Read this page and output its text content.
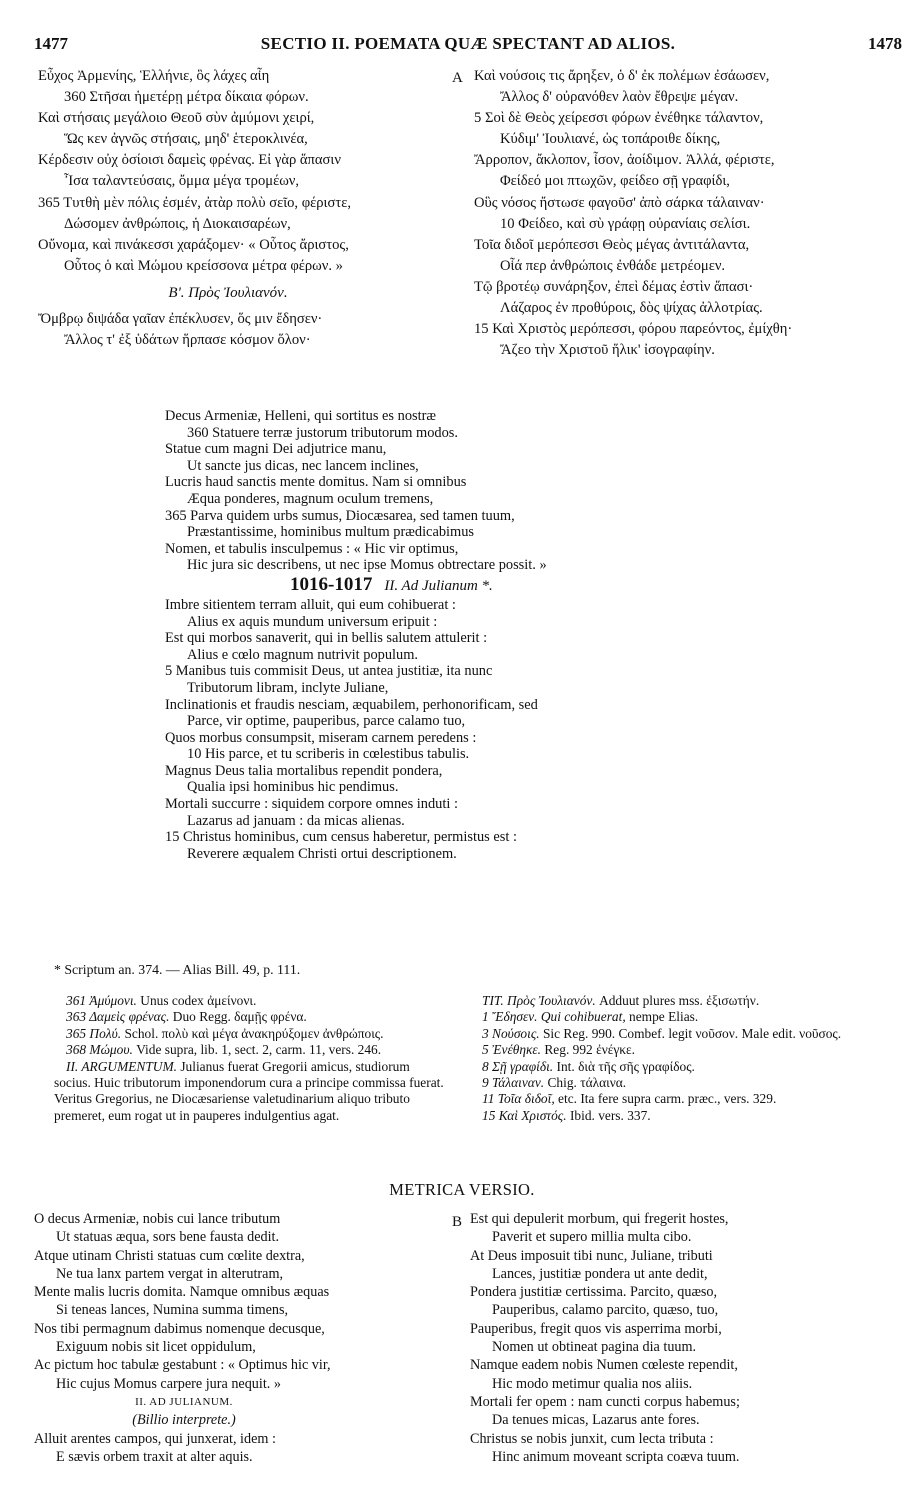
1477	SECTIO II. POEMATA QUÆ SPECTANT AD ALIOS.	1478
Εὖχος Ἀρμενίης, Ἑλλήνιε, ὃς λάχες αἶη
360 Στῆσαι ἡμετέρῃ μέτρα δίκαια φόρων.
Καὶ στήσαις μεγάλοιο Θεοῦ σὺν ἀμύμονι χειρί,
Ὥς κεν ἀγνῶς στήσαις, μηδ' ἑτεροκλινέα,
Κέρδεσιν οὐχ ὁσίοισι δαμεὶς φρένας. Εἰ γὰρ ἅπασιν
Ἶσα ταλαντεύσαις, ὄμμα μέγα τρομέων,
365 Τυτθὴ μὲν πόλις ἐσμέν, ἀτὰρ πολὺ σεῖο, φέριστε,
Δώσομεν ἀνθρώποις, ἡ Διοκαισαρέων,
Οὔνομα, καὶ πινάκεσσι χαράξομεν· « Οὗτος ἄριστος,
Οὗτος ὁ καὶ Μώμου κρείσσονα μέτρα φέρων. »
Β'. Πρὸς Ἰουλιανόν.
Ὄμβρῳ διψάδα γαῖαν ἐπέκλυσεν, ὅς μιν ἔδησεν·
Ἄλλος τ' ἐξ ὑδάτων ἥρπασε κόσμον ὅλον·
A Καὶ νούσοις τις ἄρηξεν, ὁ δ' ἐκ πολέμων ἐσάωσεν,
Ἄλλος δ' οὐρανόθεν λαὸν ἔθρεψε μέγαν.
5 Σοὶ δὲ Θεὸς χείρεσσι φόρων ἐνέθηκε τάλαντον,
Κύδιμ' Ἰουλιανέ, ὡς τοπάροιθε δίκης,
Ἄρροπον, ἄκλοπον, ἶσον, ἀοίδιμον. Ἀλλά, φέριστε,
Φείδεό μοι πτωχῶν, φείδεο σῇ γραφίδι,
Οὓς νόσος ἤστωσε φαγοῦσ' ἀπὸ σάρκα τάλαιναν·
10 Φείδεο, καὶ σὺ γράφῃ οὐρανίαις σελίσι.
Τοῖα διδοῖ μερόπεσσι Θεὸς μέγας ἀντιτάλαντα,
Οἷά περ ἀνθρώποις ἐνθάδε μετρέομεν.
Τῷ βροτέῳ συνάρηξον, ἐπεὶ δέμας ἐστὶν ἅπασι·
Λάζαρος ἐν προθύροις, δὸς ψίχας ἀλλοτρίας.
15 Καὶ Χριστὸς μερόπεσσι, φόρου παρεόντος, ἐμίχθη·
Ἄζεο τὴν Χριστοῦ ἥλικ' ἰσογραφίην.
Decus Armeniæ, Helleni, qui sortitus es nostræ
360 Statuere terræ justorum tributorum modos.
Statue cum magni Dei adjutrice manu,
Ut sancte jus dicas, nec lancem inclines,
Lucris haud sanctis mente domitus. Nam si omnibus
Æqua ponderes, magnum oculum tremens,
365 Parva quidem urbs sumus, Diocæsarea, sed tamen tuum,
Præstantissime, hominibus multum prædicabimus
Nomen, et tabulis insculpemus : « Hic vir optimus,
Hic jura sic describens, ut nec ipse Momus obtrectare possit. »
1016-1017 II. Ad Julianum *.
Imbre sitientem terram alluit, qui eum cohibuerat :
Alius ex aquis mundum universum eripuit :
Est qui morbos sanaverit, qui in bellis salutem attulerit :
Alius e cœlo magnum nutrivit populum.
5 Manibus tuis commisit Deus, ut antea justitiæ, ita nunc
Tributorum libram, inclyte Juliane,
Inclinationis et fraudis nesciam, æquabilem, perhonorificam, sed
Parce, vir optime, pauperibus, parce calamo tuo,
Quos morbus consumpsit, miseram carnem peredens :
10 His parce, et tu scriberis in cœlestibus tabulis.
Magnus Deus talia mortalibus rependit pondera,
Qualia ipsi hominibus hic pendimus.
Mortali succurre : siquidem corpore omnes induti :
Lazarus ad januam : da micas alienas.
15 Christus hominibus, cum census haberetur, permistus est :
Reverere æqualem Christi ortui descriptionem.
* Scriptum an. 374. — Alias Bill. 49, p. 111.

361 Ἀμύμονι. Unus codex ἀμείνονι.

363 Δαμεὶς φρένας. Duo Regg. δαμῇς φρένα.

365 Πολύ. Schol. πολὺ καὶ μέγα ἀνακηρύξομεν ἀνθρώποις.

368 Μώμου. Vide supra, lib. 1, sect. 2, carm. 11, vers. 246.

II. ARGUMENTUM. Julianus fuerat Gregorii amicus, studiorum socius. Huic tributorum imponendorum cura a principe commissa fuerat. Veritus Gregorius, ne Diocæsariense valetudinarium aliquo tributo premeret, eum rogat ut in pauperes indulgentius agat.

TIT. Πρὸς Ἰουλιανόν. Adduut plures mss. ἐξισωτήν.

1 Ἔδησεν. Qui cohibuerat, nempe Elias.

3 Νούσοις. Sic Reg. 990. Combef. legit νοῦσον. Male edit. νοῦσος.

5 Ἐνέθηκε. Reg. 992 ἐνέγκε.

8 Σῇ γραφίδι. Int. διὰ τῆς σῆς γραφίδος.

9 Τάλαιναν. Chig. τάλαινα.

11 Τοῖα διδοῖ, etc. Ita fere supra carm. præc., vers. 329.

15 Καὶ Χριστός. Ibid. vers. 337.

METRICA VERSIO.
O decus Armeniæ, nobis cui lance tributum
Ut statuas æqua, sors bene fausta dedit.
Atque utinam Christi statuas cum cœlite dextra,
Ne tua lanx partem vergat in alterutram,
Mente malis lucris domita. Namque omnibus æquas
Si teneas lances, Numina summa timens,
Nos tibi permagnum dabimus nomenque decusque,
Exiguum nobis sit licet oppidulum,
Ac pictum hoc tabulæ gestabunt : « Optimus hic vir,
Hic cujus Momus carpere jura nequit. »
II. AD JULIANUM.
(Billio interprete.)
Alluit arentes campos, qui junxerat, idem :
E sævis orbem traxit at alter aquis.
B Est qui depulerit morbum, qui fregerit hostes,
Paverit et supero millia multa cibo.
At Deus imposuit tibi nunc, Juliane, tributi
Lances, justitiæ pondera ut ante dedit,
Pondera justitiæ certissima. Parcito, quæso,
Pauperibus, calamo parcito, quæso, tuo,
Pauperibus, fregit quos vis asperrima morbi,
Nomen ut obtineat pagina dia tuum.
Namque eadem nobis Numen cœleste rependit,
Hic modo metimur qualia nos aliis.
Mortali fer opem : nam cuncti corpus habemus;
Da tenues micas, Lazarus ante fores.
Christus se nobis junxit, cum lecta tributa :
Hinc animum moveant scripta coæva tuum.
